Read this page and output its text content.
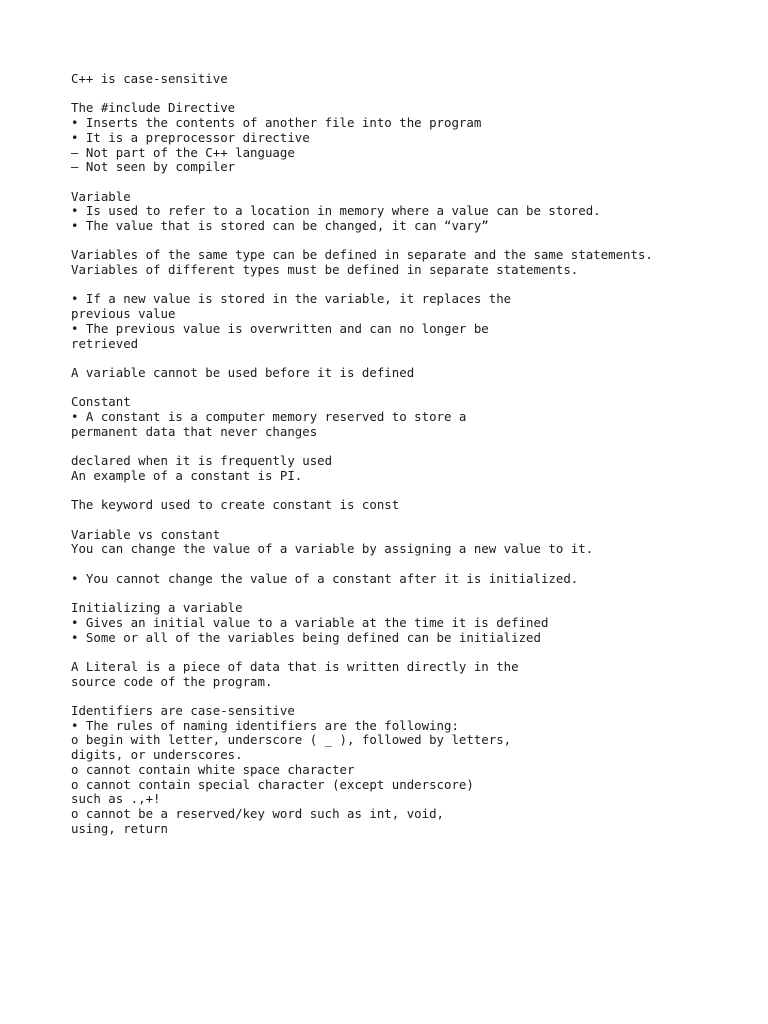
C++ is case-sensitive
The #include Directive
• Inserts the contents of another file into the program
• It is a preprocessor directive
– Not part of the C++ language
– Not seen by compiler
Variable
• Is used to refer to a location in memory where a value can be stored.
• The value that is stored can be changed, it can “vary”
Variables of the same type can be defined in separate and the same statements.
Variables of different types must be defined in separate statements.
• If a new value is stored in the variable, it replaces the
previous value
• The previous value is overwritten and can no longer be
retrieved
A variable cannot be used before it is defined
Constant
• A constant is a computer memory reserved to store a
permanent data that never changes
declared when it is frequently used
An example of a constant is PI.
The keyword used to create constant is const
Variable vs constant
You can change the value of a variable by assigning a new value to it.
• You cannot change the value of a constant after it is initialized.
Initializing a variable
• Gives an initial value to a variable at the time it is defined
• Some or all of the variables being defined can be initialized
A Literal is a piece of data that is written directly in the
source code of the program.
Identifiers are case-sensitive
• The rules of naming identifiers are the following:
o begin with letter, underscore ( _ ), followed by letters,
digits, or underscores.
o cannot contain white space character
o cannot contain special character (except underscore)
such as .,+!
o cannot be a reserved/key word such as int, void,
using, return
